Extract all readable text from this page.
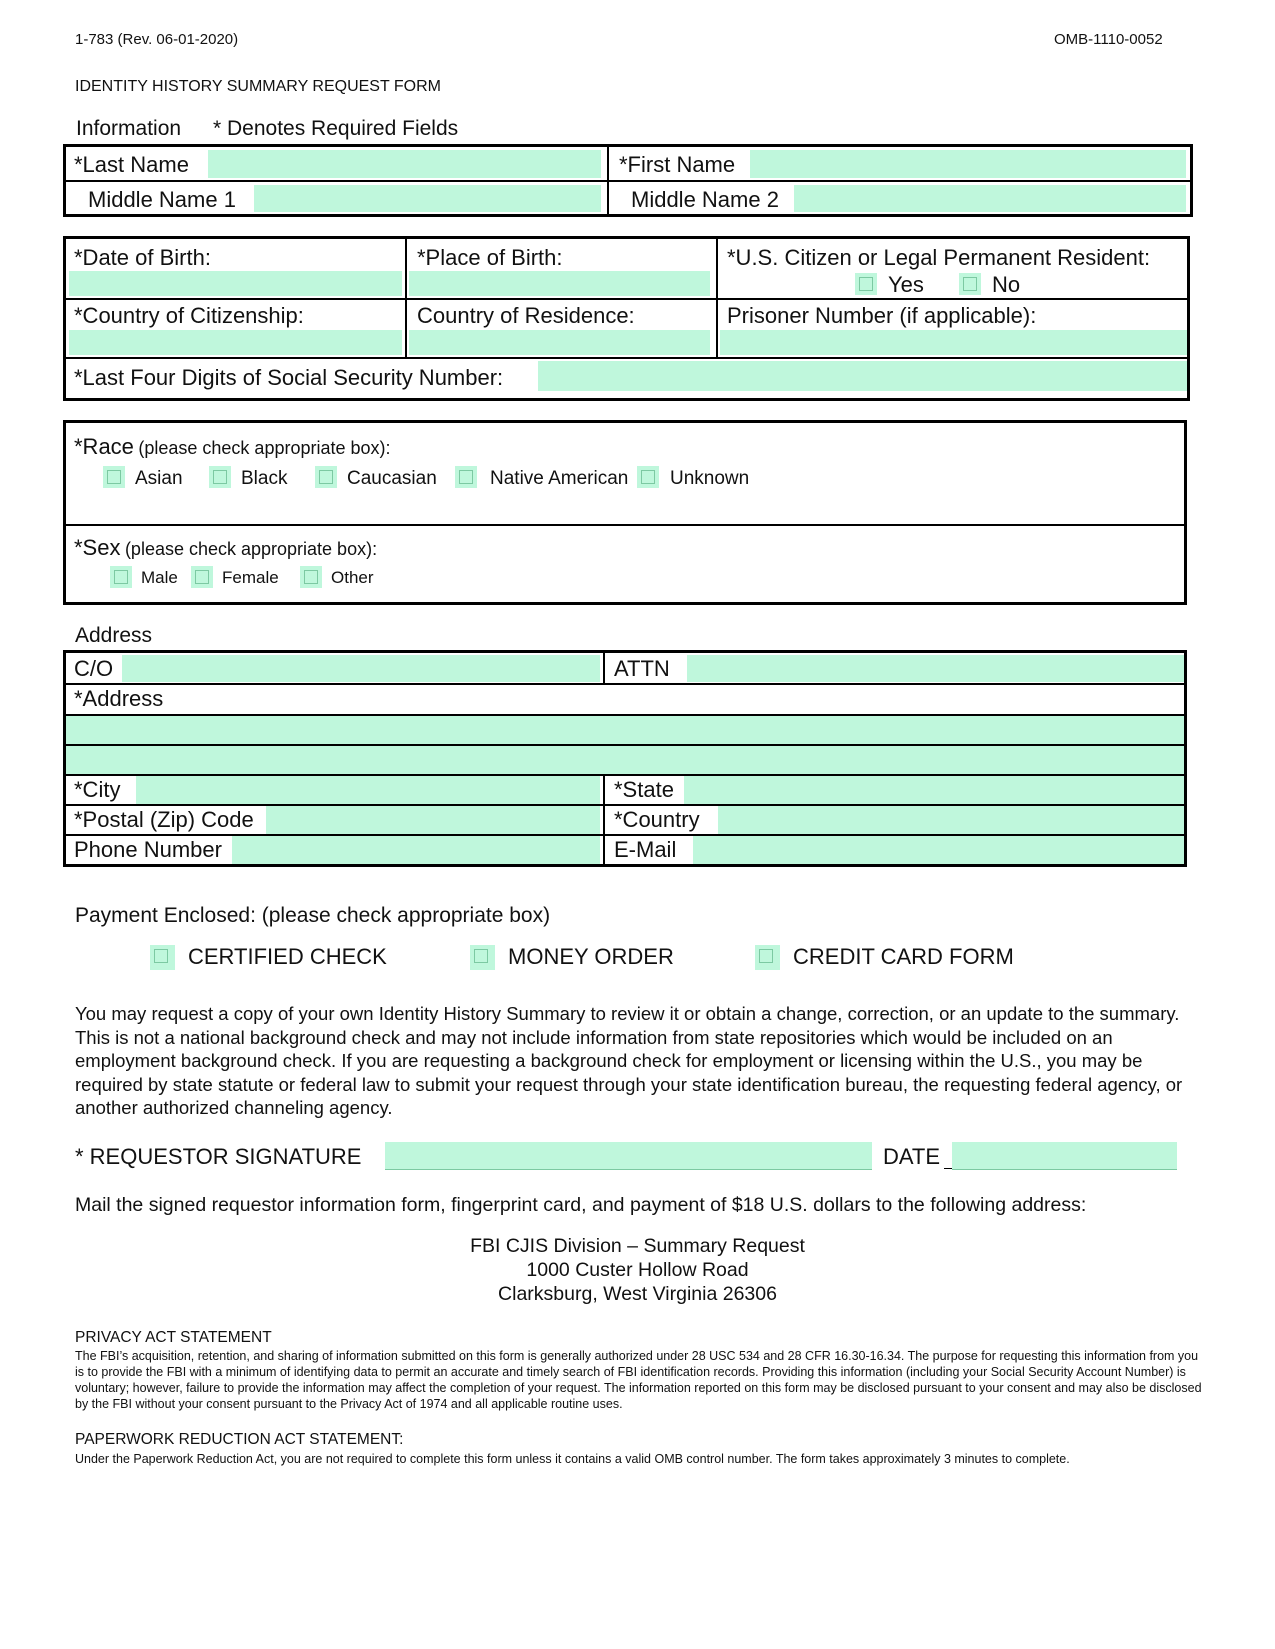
1-783 (Rev. 06-01-2020)	OMB-1110-0052
IDENTITY HISTORY SUMMARY REQUEST FORM
Information * Denotes Required Fields
*Last Name	*First Name
Middle Name 1	Middle Name 2
*Date of Birth:	*Place of Birth:	*U.S. Citizen or Legal Permanent Resident:
Yes	No
*Country of Citizenship:	Country of Residence:	Prisoner Number (if applicable):
*Last Four Digits of Social Security Number:
*Race (please check appropriate box):
Asian	Black	Caucasian	Native American Unknown
*Sex (please check appropriate box):
Male	Female	Other
Address
C/O	ATTN
*Address
*City	*State
*Postal (Zip) Code	*Country
Phone Number	E-Mail
Payment Enclosed: (please check appropriate box)
CERTIFIED CHECK	MONEY ORDER	CREDIT CARD FORM
You may request a copy of your own Identity History Summary to review it or obtain a change, correction, or an update to the summary. This is not a national background check and may not include information from state repositories which would be included on an employment background check. If you are requesting a background check for employment or licensing within the U.S., you may be required by state statute or federal law to submit your request through your state identification bureau, the requesting federal agency, or another authorized channeling agency.
* REQUESTOR SIGNATURE	DATE
Mail the signed requestor information form, fingerprint card, and payment of $18 U.S. dollars to the following address:
FBI CJIS Division – Summary Request
1000 Custer Hollow Road
Clarksburg, West Virginia 26306
PRIVACY ACT STATEMENT
The FBI’s acquisition, retention, and sharing of information submitted on this form is generally authorized under 28 USC 534 and 28 CFR 16.30-16.34. The purpose for requesting this information from you is to provide the FBI with a minimum of identifying data to permit an accurate and timely search of FBI identification records. Providing this information (including your Social Security Account Number) is voluntary; however, failure to provide the information may affect the completion of your request. The information reported on this form may be disclosed pursuant to your consent and may also be disclosed by the FBI without your consent pursuant to the Privacy Act of 1974 and all applicable routine uses.
PAPERWORK REDUCTION ACT STATEMENT:
Under the Paperwork Reduction Act, you are not required to complete this form unless it contains a valid OMB control number. The form takes approximately 3 minutes to complete.
